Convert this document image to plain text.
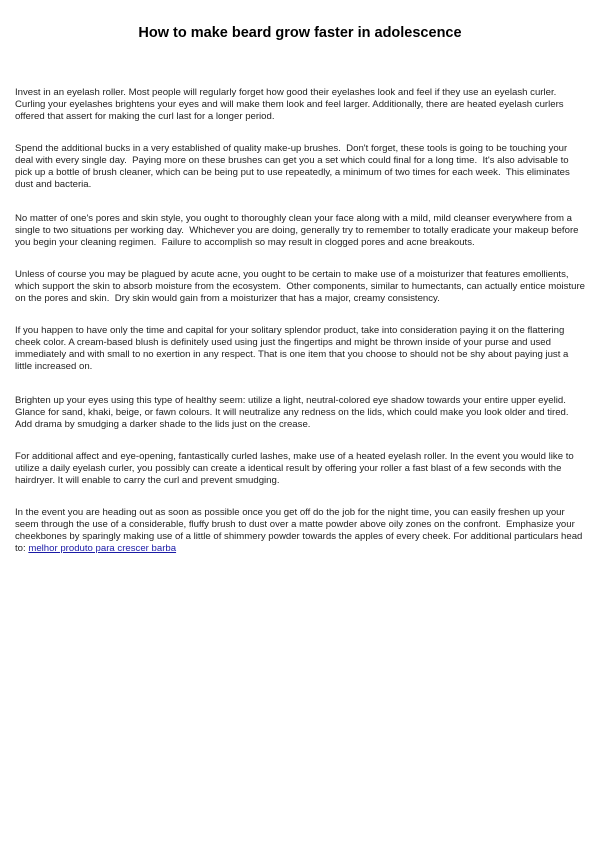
How to make beard grow faster in adolescence

Invest in an eyelash roller. Most people will regularly forget how good their eyelashes look and feel if they use an eyelash curler. Curling your eyelashes brightens your eyes and will make them look and feel larger. Additionally, there are heated eyelash curlers offered that assert for making the curl last for a longer period.

Spend the additional bucks in a very established of quality make-up brushes.  Don't forget, these tools is going to be touching your deal with every single day.  Paying more on these brushes can get you a set which could final for a long time.  It's also advisable to pick up a bottle of brush cleaner, which can be being put to use repeatedly, a minimum of two times for each week.  This eliminates dust and bacteria.

No matter of one's pores and skin style, you ought to thoroughly clean your face along with a mild, mild cleanser everywhere from a single to two situations per working day.  Whichever you are doing, generally try to remember to totally eradicate your makeup before you begin your cleaning regimen.  Failure to accomplish so may result in clogged pores and acne breakouts.

Unless of course you may be plagued by acute acne, you ought to be certain to make use of a moisturizer that features emollients, which support the skin to absorb moisture from the ecosystem.  Other components, similar to humectants, can actually entice moisture on the pores and skin.  Dry skin would gain from a moisturizer that has a major, creamy consistency.

If you happen to have only the time and capital for your solitary splendor product, take into consideration paying it on the flattering cheek color. A cream-based blush is definitely used using just the fingertips and might be thrown inside of your purse and used immediately and with small to no exertion in any respect. That is one item that you choose to should not be shy about paying just a little increased on.

Brighten up your eyes using this type of healthy seem: utilize a light, neutral-colored eye shadow towards your entire upper eyelid. Glance for sand, khaki, beige, or fawn colours. It will neutralize any redness on the lids, which could make you look older and tired. Add drama by smudging a darker shade to the lids just on the crease.

For additional affect and eye-opening, fantastically curled lashes, make use of a heated eyelash roller. In the event you would like to utilize a daily eyelash curler, you possibly can create a identical result by offering your roller a fast blast of a few seconds with the hairdryer. It will enable to carry the curl and prevent smudging.

In the event you are heading out as soon as possible once you get off do the job for the night time, you can easily freshen up your seem through the use of a considerable, fluffy brush to dust over a matte powder above oily zones on the confront.  Emphasize your cheekbones by sparingly making use of a little of shimmery powder towards the apples of every cheek. For additional particulars head to: melhor produto para crescer barba
